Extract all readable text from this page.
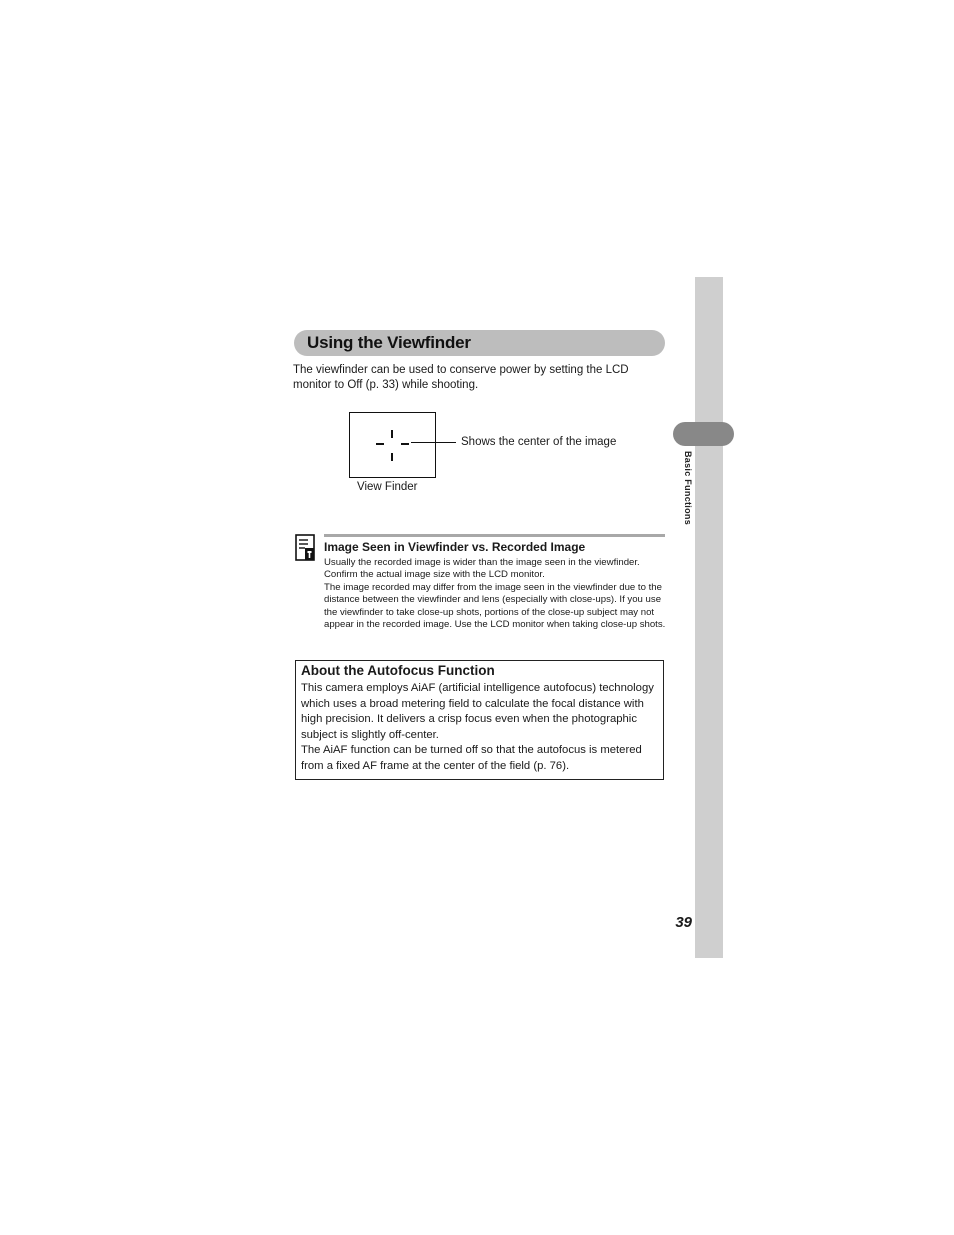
Basic Functions
39
Using the Viewfinder
The viewfinder can be used to conserve power by setting the LCD monitor to Off (p. 33) while shooting.
Shows the center of the image
View Finder
Image Seen in Viewfinder vs. Recorded Image

Usually the recorded image is wider than the image seen in the viewfinder. Confirm the actual image size with the LCD monitor.

The image recorded may differ from the image seen in the viewfinder due to the distance between the viewfinder and lens (especially with close-ups). If you use the viewfinder to take close-up shots, portions of the close-up subject may not appear in the recorded image. Use the LCD monitor when taking close-up shots.

About the Autofocus Function

This camera employs AiAF (artificial intelligence autofocus) technology which uses a broad metering field to calculate the focal distance with high precision. It delivers a crisp focus even when the photographic subject is slightly off-center.

The AiAF function can be turned off so that the autofocus is metered from a fixed AF frame at the center of the field (p. 76).
